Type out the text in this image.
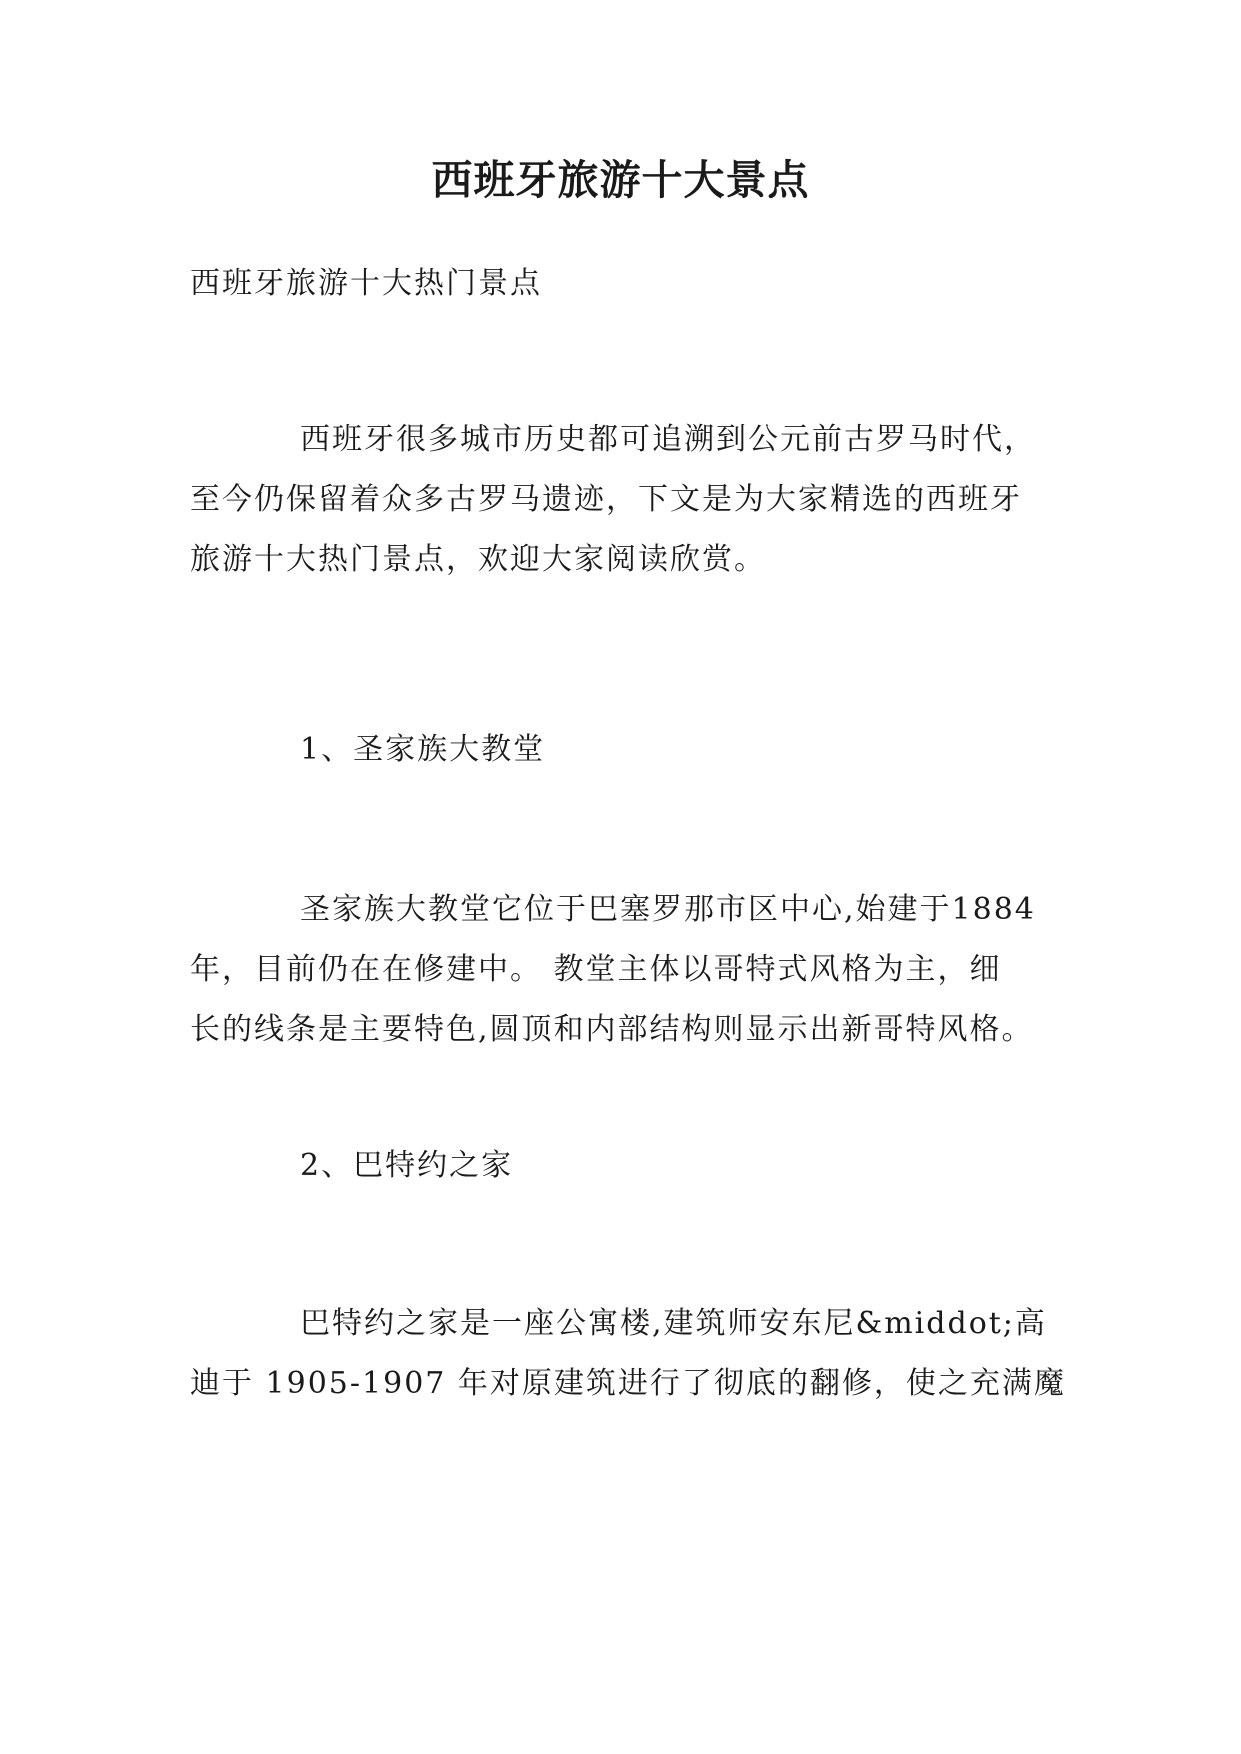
西班牙旅游十大景点

西班牙旅游十大热门景点

西班牙很多城市历史都可追溯到公元前古罗马时代，
至今仍保留着众多古罗马遗迹，下文是为大家精选的西班牙
旅游十大热门景点，欢迎大家阅读欣赏。

1、圣家族大教堂

圣家族大教堂它位于巴塞罗那市区中心,始建于1884
年，目前仍在在修建中。 教堂主体以哥特式风格为主，细
长的线条是主要特色,圆顶和内部结构则显示出新哥特风格。

2、巴特约之家

巴特约之家是一座公寓楼,建筑师安东尼&middot;高
迪于 1905-1907 年对原建筑进行了彻底的翻修，使之充满魔
